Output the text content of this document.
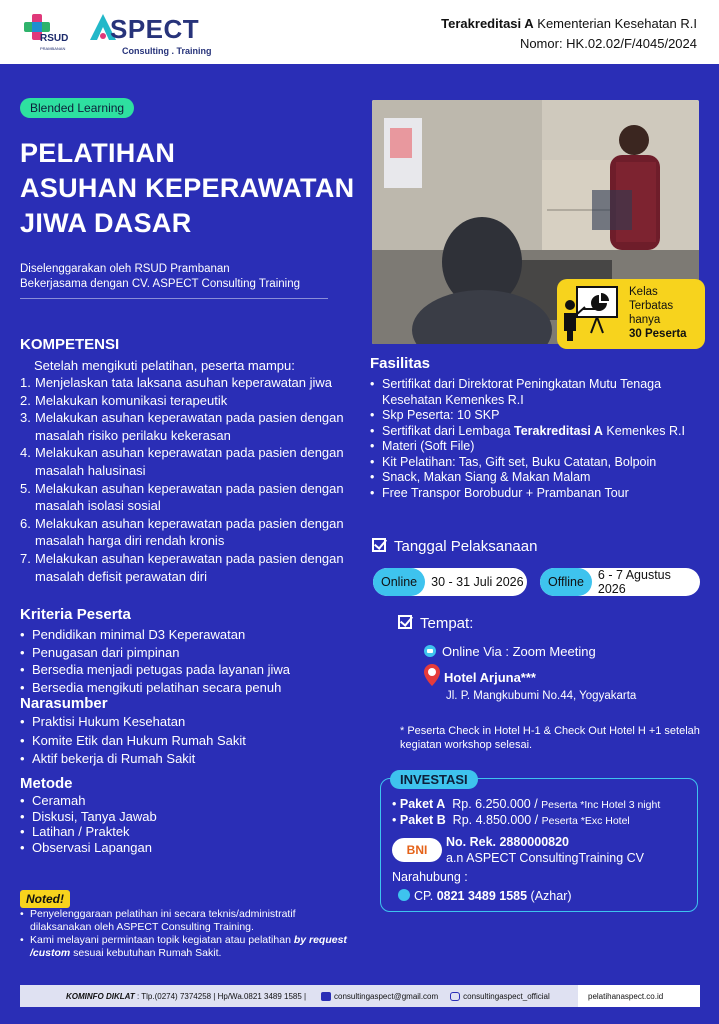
RSUD
PRAMBANAN
SPECT
Consulting . Training
Terakreditasi A Kementerian Kesehatan R.I
Nomor: HK.02.02/F/4045/2024
Blended Learning
PELATIHAN
ASUHAN KEPERAWATAN
JIWA DASAR
Diselenggarakan oleh RSUD Prambanan
Bekerjasama dengan CV. ASPECT Consulting Training
KOMPETENSI
Setelah mengikuti pelatihan, peserta mampu:
1. Menjelaskan tata laksana asuhan keperawatan jiwa
2. Melakukan komunikasi terapeutik
3. Melakukan asuhan keperawatan pada pasien dengan masalah risiko perilaku kekerasan
4. Melakukan asuhan keperawatan pada pasien dengan masalah halusinasi
5. Melakukan asuhan keperawatan pada pasien dengan masalah isolasi sosial
6. Melakukan asuhan keperawatan pada pasien dengan masalah harga diri rendah kronis
7. Melakukan asuhan keperawatan pada pasien dengan masalah defisit perawatan diri
Kriteria Peserta
• Pendidikan minimal D3 Keperawatan
• Penugasan dari pimpinan
• Bersedia menjadi petugas pada layanan jiwa
• Bersedia mengikuti pelatihan secara penuh
Narasumber
• Praktisi Hukum Kesehatan
• Komite Etik dan Hukum Rumah Sakit
• Aktif bekerja di Rumah Sakit
Metode
• Ceramah
• Diskusi, Tanya Jawab
• Latihan / Praktek
• Observasi Lapangan
Noted!
• Penyelenggaraan pelatihan ini secara teknis/administratif dilaksanakan oleh ASPECT Consulting Training.
• Kami melayani permintaan topik kegiatan atau pelatihan by request /custom sesuai kebutuhan Rumah Sakit.
Kelas
Terbatas
hanya
30 Peserta
Fasilitas
• Sertifikat dari Direktorat Peningkatan Mutu Tenaga Kesehatan Kemenkes R.I
• Skp Peserta: 10 SKP
• Sertifikat dari Lembaga Terakreditasi A Kemenkes R.I
• Materi (Soft File)
• Kit Pelatihan: Tas, Gift set, Buku Catatan, Bolpoin
• Snack, Makan Siang & Makan Malam
• Free Transpor Borobudur + Prambanan Tour
Tanggal Pelaksanaan
Online	30 - 31 Juli 2026	Offline	6 - 7 Agustus 2026
Tempat:
Online Via : Zoom Meeting
Hotel Arjuna***
Jl. P. Mangkubumi No.44, Yogyakarta
* Peserta Check in Hotel H-1 & Check Out Hotel H +1 setelah kegiatan workshop selesai.
INVESTASI
• Paket A Rp. 6.250.000 / Peserta *Inc Hotel 3 night
• Paket B Rp. 4.850.000 / Peserta *Exc Hotel
BNI
No. Rek. 2880000820
a.n ASPECT ConsultingTraining CV
Narahubung :
CP. 0821 3489 1585 (Azhar)
KOMINFO DIKLAT : Tlp.(0274) 7374258 | Hp/Wa.0821 3489 1585 |	consultingaspect@gmail.com	consultingaspect_official	pelatihanaspect.co.id
